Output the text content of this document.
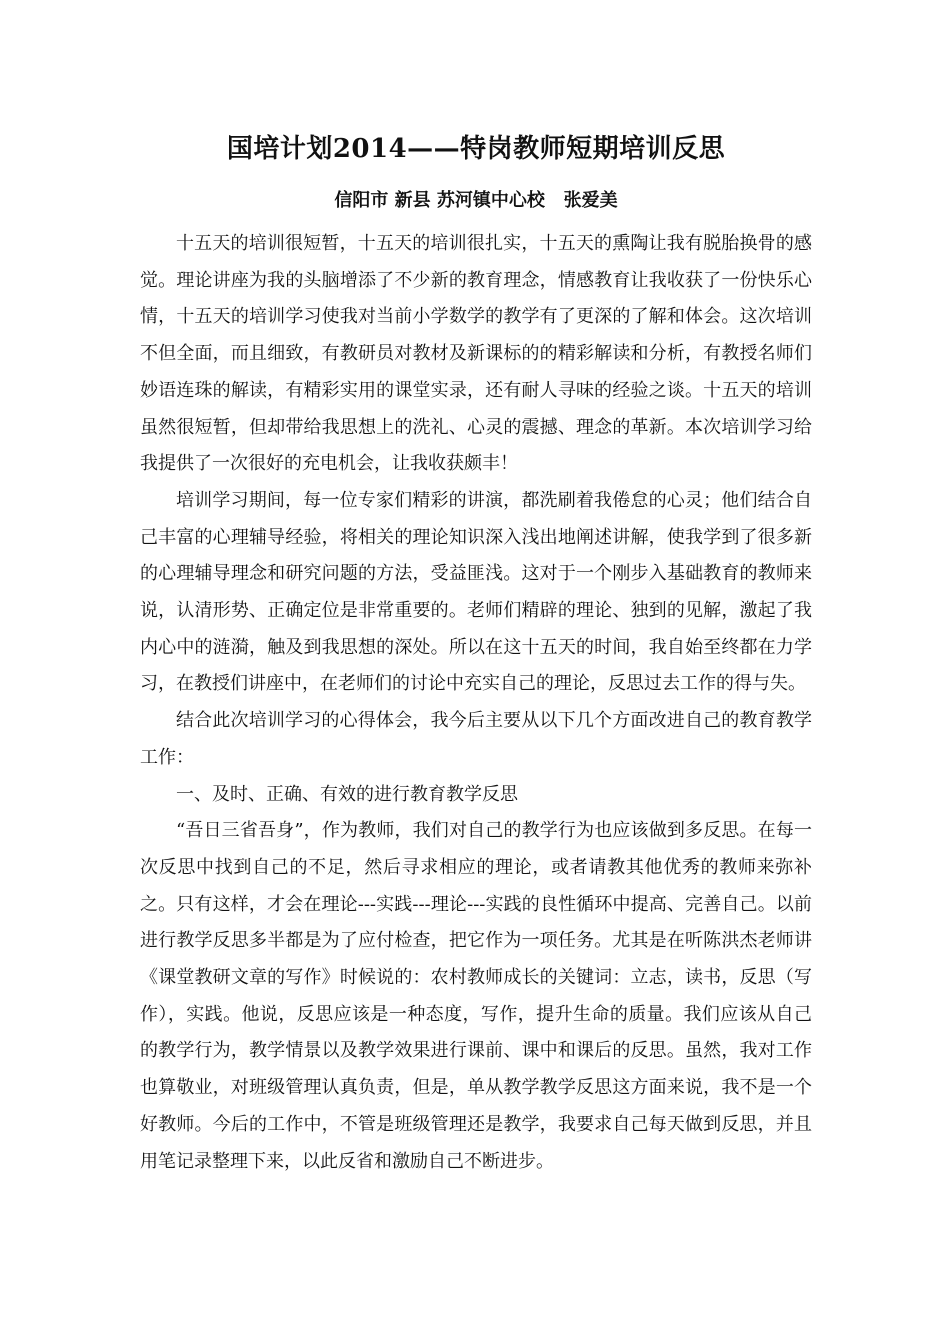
国培计划2014——特岗教师短期培训反思
信阳市 新县 苏河镇中心校   张爱美

十五天的培训很短暂，十五天的培训很扎实，十五天的熏陶让我有脱胎换骨的感觉。理论讲座为我的头脑增添了不少新的教育理念，情感教育让我收获了一份快乐心情，十五天的培训学习使我对当前小学数学的教学有了更深的了解和体会。这次培训不但全面，而且细致，有教研员对教材及新课标的的精彩解读和分析，有教授名师们妙语连珠的解读，有精彩实用的课堂实录，还有耐人寻味的经验之谈。十五天的培训虽然很短暂，但却带给我思想上的洗礼、心灵的震撼、理念的革新。本次培训学习给我提供了一次很好的充电机会，让我收获颇丰！

培训学习期间，每一位专家们精彩的讲演，都洗刷着我倦怠的心灵；他们结合自己丰富的心理辅导经验，将相关的理论知识深入浅出地阐述讲解，使我学到了很多新的心理辅导理念和研究问题的方法，受益匪浅。这对于一个刚步入基础教育的教师来说，认清形势、正确定位是非常重要的。老师们精辟的理论、独到的见解，激起了我内心中的涟漪，触及到我思想的深处。所以在这十五天的时间，我自始至终都在力学习，在教授们讲座中，在老师们的讨论中充实自己的理论，反思过去工作的得与失。

结合此次培训学习的心得体会，我今后主要从以下几个方面改进自己的教育教学工作：

一、及时、正确、有效的进行教育教学反思

“吾日三省吾身”，作为教师，我们对自己的教学行为也应该做到多反思。在每一次反思中找到自己的不足，然后寻求相应的理论，或者请教其他优秀的教师来弥补之。只有这样，才会在理论---实践---理论---实践的良性循环中提高、完善自己。以前进行教学反思多半都是为了应付检查，把它作为一项任务。尤其是在听陈洪杰老师讲《课堂教研文章的写作》时候说的：农村教师成长的关键词：立志，读书，反思（写作），实践。他说，反思应该是一种态度，写作，提升生命的质量。我们应该从自己的教学行为，教学情景以及教学效果进行课前、课中和课后的反思。虽然，我对工作也算敬业，对班级管理认真负责，但是，单从教学教学反思这方面来说，我不是一个好教师。今后的工作中，不管是班级管理还是教学，我要求自己每天做到反思，并且用笔记录整理下来，以此反省和激励自己不断进步。
